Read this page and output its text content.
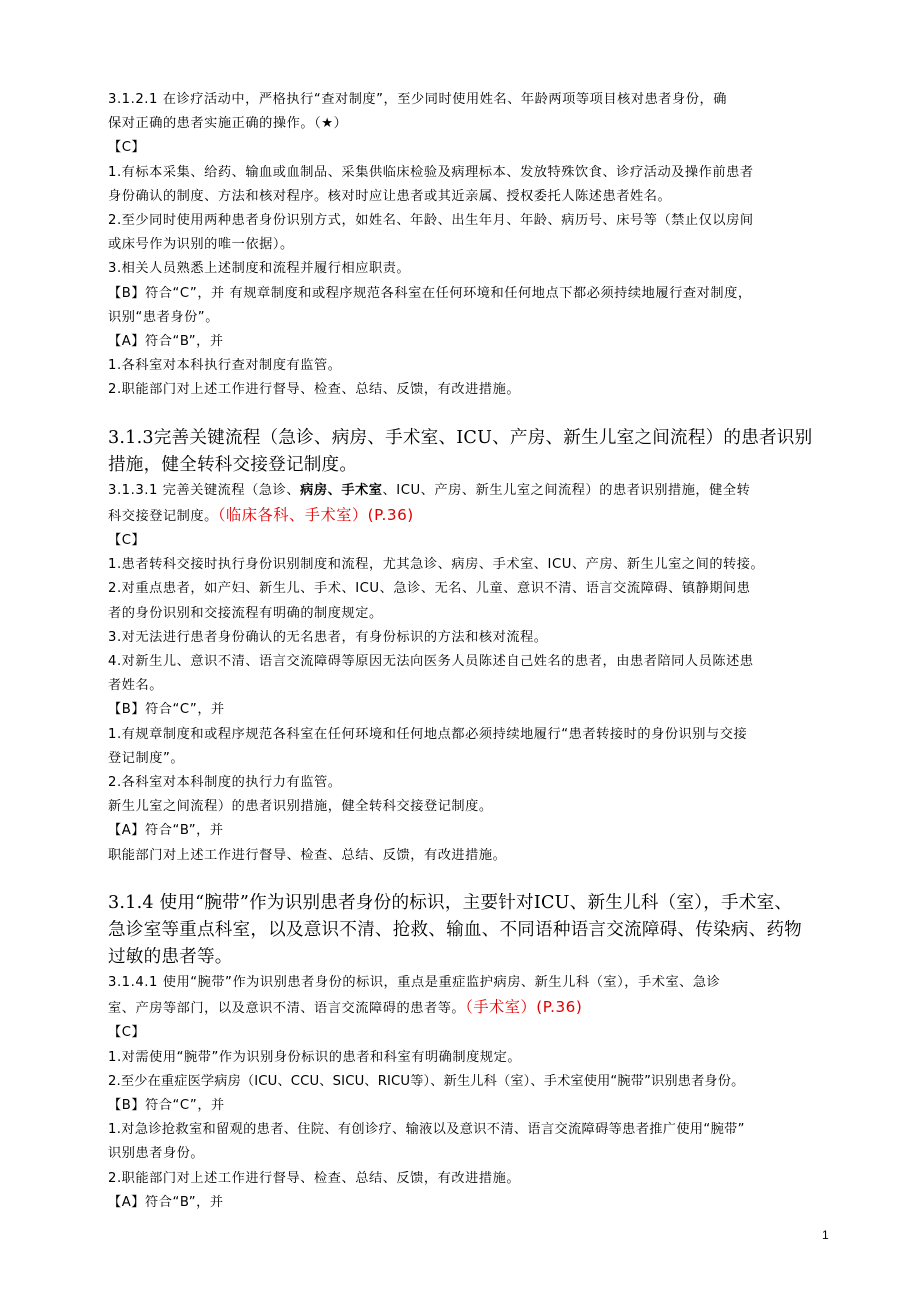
3.1.2.1 在诊疗活动中，严格执行“查对制度”，至少同时使用姓名、年龄两项等项目核对患者身份，确

保对正确的患者实施正确的操作。（★）

【C】

1.有标本采集、给药、输血或血制品、采集供临床检验及病理标本、发放特殊饮食、诊疗活动及操作前患者

身份确认的制度、方法和核对程序。核对时应让患者或其近亲属、授权委托人陈述患者姓名。

2.至少同时使用两种患者身份识别方式，如姓名、年龄、出生年月、年龄、病历号、床号等（禁止仅以房间

或床号作为识别的唯一依据）。

3.相关人员熟悉上述制度和流程并履行相应职责。

【B】符合“C”，并 有规章制度和或程序规范各科室在任何环境和任何地点下都必须持续地履行查对制度，

识别“患者身份”。

【A】符合“B”，并

1.各科室对本科执行查对制度有监管。

2.职能部门对上述工作进行督导、检查、总结、反馈，有改进措施。

3.1.3完善关键流程（急诊、病房、手术室、ICU、产房、新生儿室之间流程）的患者识别

措施，健全转科交接登记制度。

3.1.3.1 完善关键流程（急诊、病房、手术室、ICU、产房、新生儿室之间流程）的患者识别措施，健全转

科交接登记制度。（临床各科、手术室）(P.36)

【C】

1.患者转科交接时执行身份识别制度和流程，尤其急诊、病房、手术室、ICU、产房、新生儿室之间的转接。

2.对重点患者，如产妇、新生儿、手术、ICU、急诊、无名、儿童、意识不清、语言交流障碍、镇静期间患

者的身份识别和交接流程有明确的制度规定。

3.对无法进行患者身份确认的无名患者，有身份标识的方法和核对流程。

4.对新生儿、意识不清、语言交流障碍等原因无法向医务人员陈述自己姓名的患者，由患者陪同人员陈述患

者姓名。

【B】符合“C”，并

1.有规章制度和或程序规范各科室在任何环境和任何地点都必须持续地履行“患者转接时的身份识别与交接

登记制度”。

2.各科室对本科制度的执行力有监管。

新生儿室之间流程）的患者识别措施，健全转科交接登记制度。

【A】符合“B”，并

职能部门对上述工作进行督导、检查、总结、反馈，有改进措施。

3.1.4 使用“腕带”作为识别患者身份的标识，主要针对ICU、新生儿科（室），手术室、

急诊室等重点科室，以及意识不清、抢救、输血、不同语种语言交流障碍、传染病、药物

过敏的患者等。

3.1.4.1 使用“腕带”作为识别患者身份的标识，重点是重症监护病房、新生儿科（室），手术室、急诊

室、产房等部门，以及意识不清、语言交流障碍的患者等。（手术室）(P.36)

【C】

1.对需使用“腕带”作为识别身份标识的患者和科室有明确制度规定。

2.至少在重症医学病房（ICU、CCU、SICU、RICU等）、新生儿科（室）、手术室使用“腕带”识别患者身份。

【B】符合“C”，并

1.对急诊抢救室和留观的患者、住院、有创诊疗、输液以及意识不清、语言交流障碍等患者推广使用“腕带”

识别患者身份。

2.职能部门对上述工作进行督导、检查、总结、反馈，有改进措施。

【A】符合“B”，并

1
